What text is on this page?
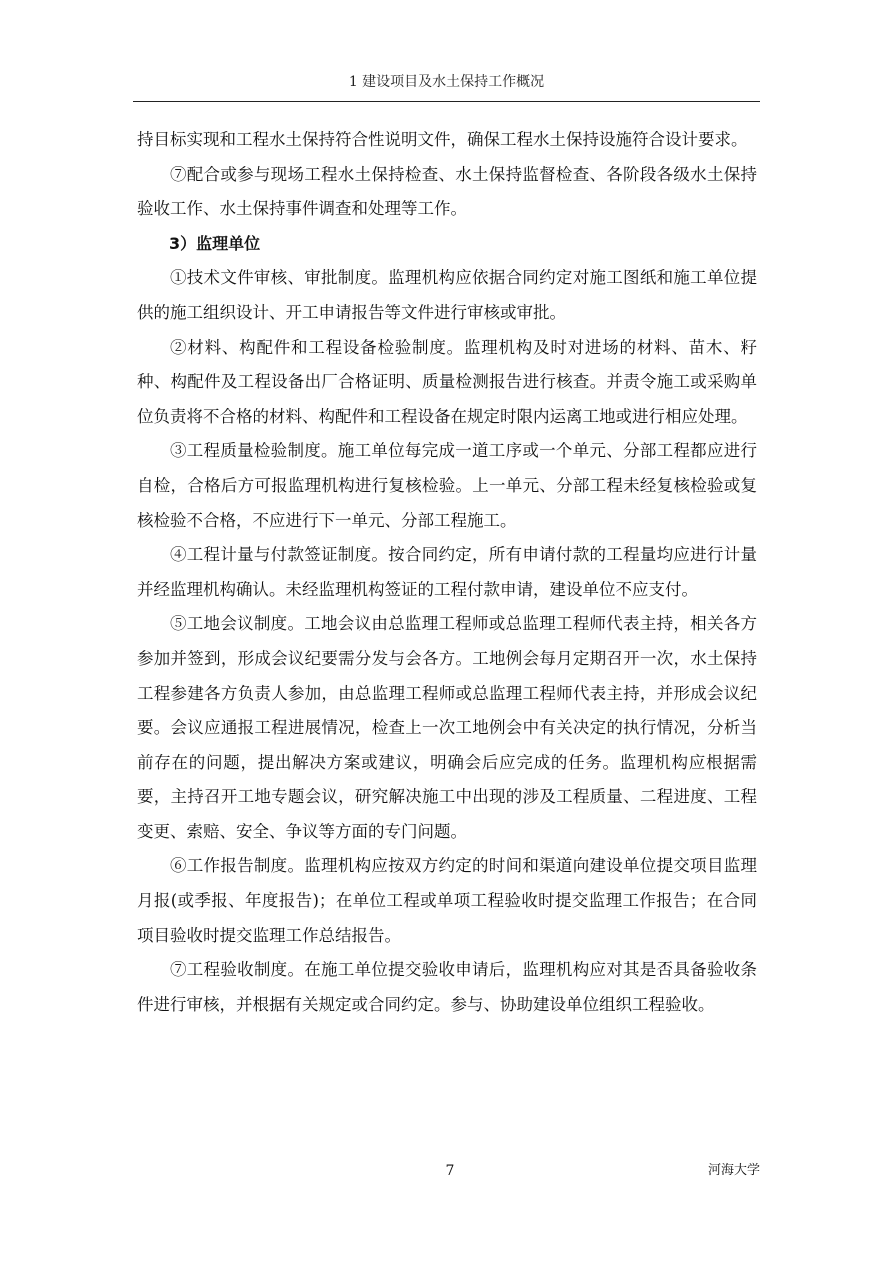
1 建设项目及水土保持工作概况

持目标实现和工程水土保持符合性说明文件，确保工程水土保持设施符合设计要求。

⑦配合或参与现场工程水土保持检查、水土保持监督检查、各阶段各级水土保持验收工作、水土保持事件调查和处理等工作。

3）监理单位

①技术文件审核、审批制度。监理机构应依据合同约定对施工图纸和施工单位提供的施工组织设计、开工申请报告等文件进行审核或审批。

②材料、构配件和工程设备检验制度。监理机构及时对进场的材料、苗木、籽种、构配件及工程设备出厂合格证明、质量检测报告进行核查。并责令施工或采购单位负责将不合格的材料、构配件和工程设备在规定时限内运离工地或进行相应处理。

③工程质量检验制度。施工单位每完成一道工序或一个单元、分部工程都应进行自检，合格后方可报监理机构进行复核检验。上一单元、分部工程未经复核检验或复核检验不合格，不应进行下一单元、分部工程施工。

④工程计量与付款签证制度。按合同约定，所有申请付款的工程量均应进行计量并经监理机构确认。未经监理机构签证的工程付款申请，建设单位不应支付。

⑤工地会议制度。工地会议由总监理工程师或总监理工程师代表主持，相关各方参加并签到，形成会议纪要需分发与会各方。工地例会每月定期召开一次，水土保持工程参建各方负责人参加，由总监理工程师或总监理工程师代表主持，并形成会议纪要。会议应通报工程进展情况，检查上一次工地例会中有关决定的执行情况，分析当前存在的问题，提出解决方案或建议，明确会后应完成的任务。监理机构应根据需要，主持召开工地专题会议，研究解决施工中出现的涉及工程质量、二程进度、工程变更、索赔、安全、争议等方面的专门问题。

⑥工作报告制度。监理机构应按双方约定的时间和渠道向建设单位提交项目监理月报(或季报、年度报告)；在单位工程或单项工程验收时提交监理工作报告；在合同项目验收时提交监理工作总结报告。

⑦工程验收制度。在施工单位提交验收申请后，监理机构应对其是否具备验收条件进行审核，并根据有关规定或合同约定。参与、协助建设单位组织工程验收。

7	河海大学
